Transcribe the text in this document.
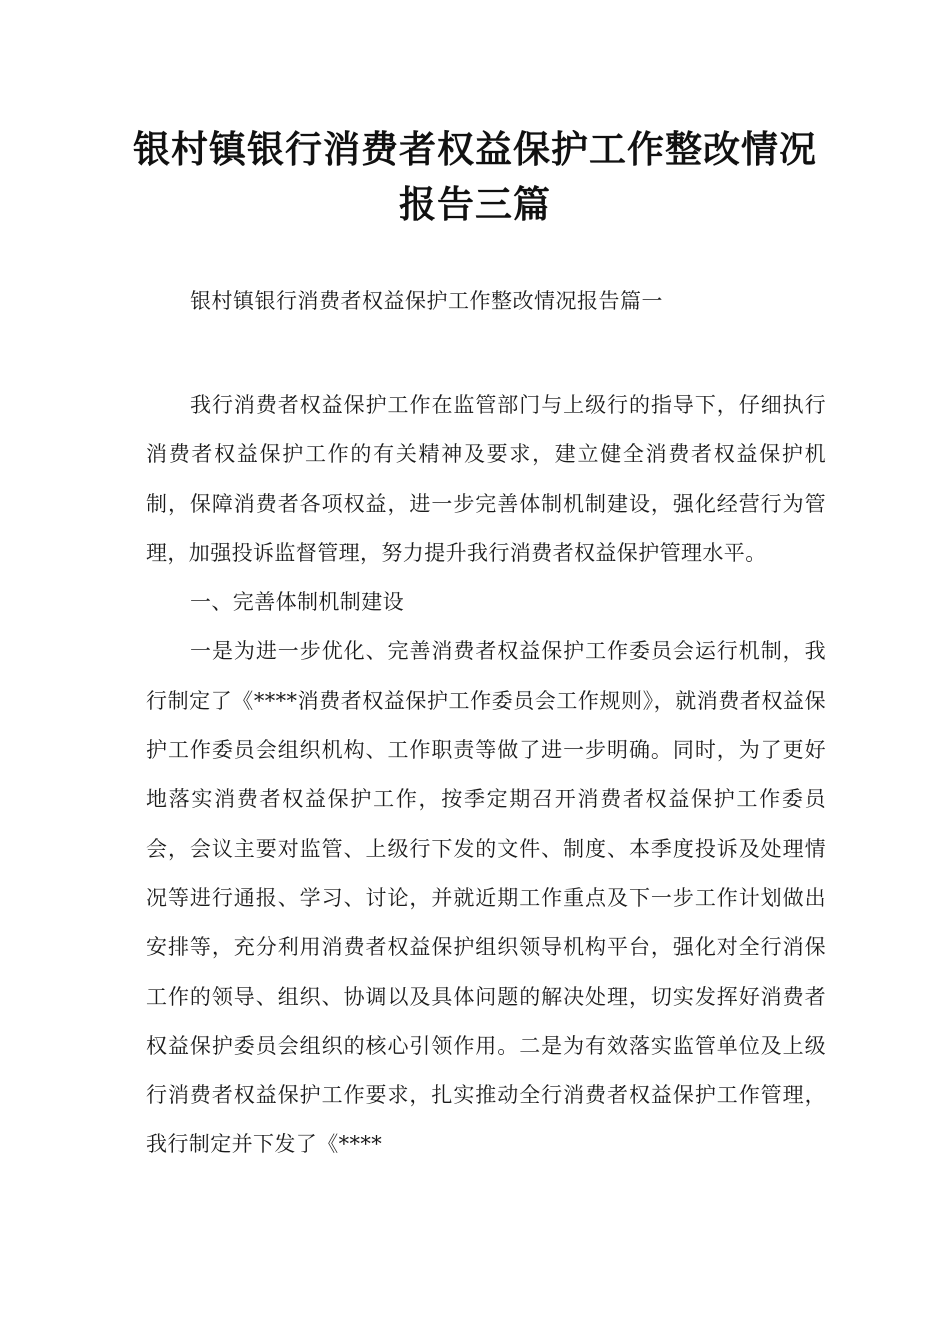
银村镇银行消费者权益保护工作整改情况报告三篇

银村镇银行消费者权益保护工作整改情况报告篇一

我行消费者权益保护工作在监管部门与上级行的指导下，仔细执行消费者权益保护工作的有关精神及要求，建立健全消费者权益保护机制，保障消费者各项权益，进一步完善体制机制建设，强化经营行为管理，加强投诉监督管理，努力提升我行消费者权益保护管理水平。

一、完善体制机制建设

一是为进一步优化、完善消费者权益保护工作委员会运行机制，我行制定了《****消费者权益保护工作委员会工作规则》，就消费者权益保护工作委员会组织机构、工作职责等做了进一步明确。同时，为了更好地落实消费者权益保护工作，按季定期召开消费者权益保护工作委员会，会议主要对监管、上级行下发的文件、制度、本季度投诉及处理情况等进行通报、学习、讨论，并就近期工作重点及下一步工作计划做出安排等，充分利用消费者权益保护组织领导机构平台，强化对全行消保工作的领导、组织、协调以及具体问题的解决处理，切实发挥好消费者权益保护委员会组织的核心引领作用。二是为有效落实监管单位及上级行消费者权益保护工作要求，扎实推动全行消费者权益保护工作管理，我行制定并下发了《****
